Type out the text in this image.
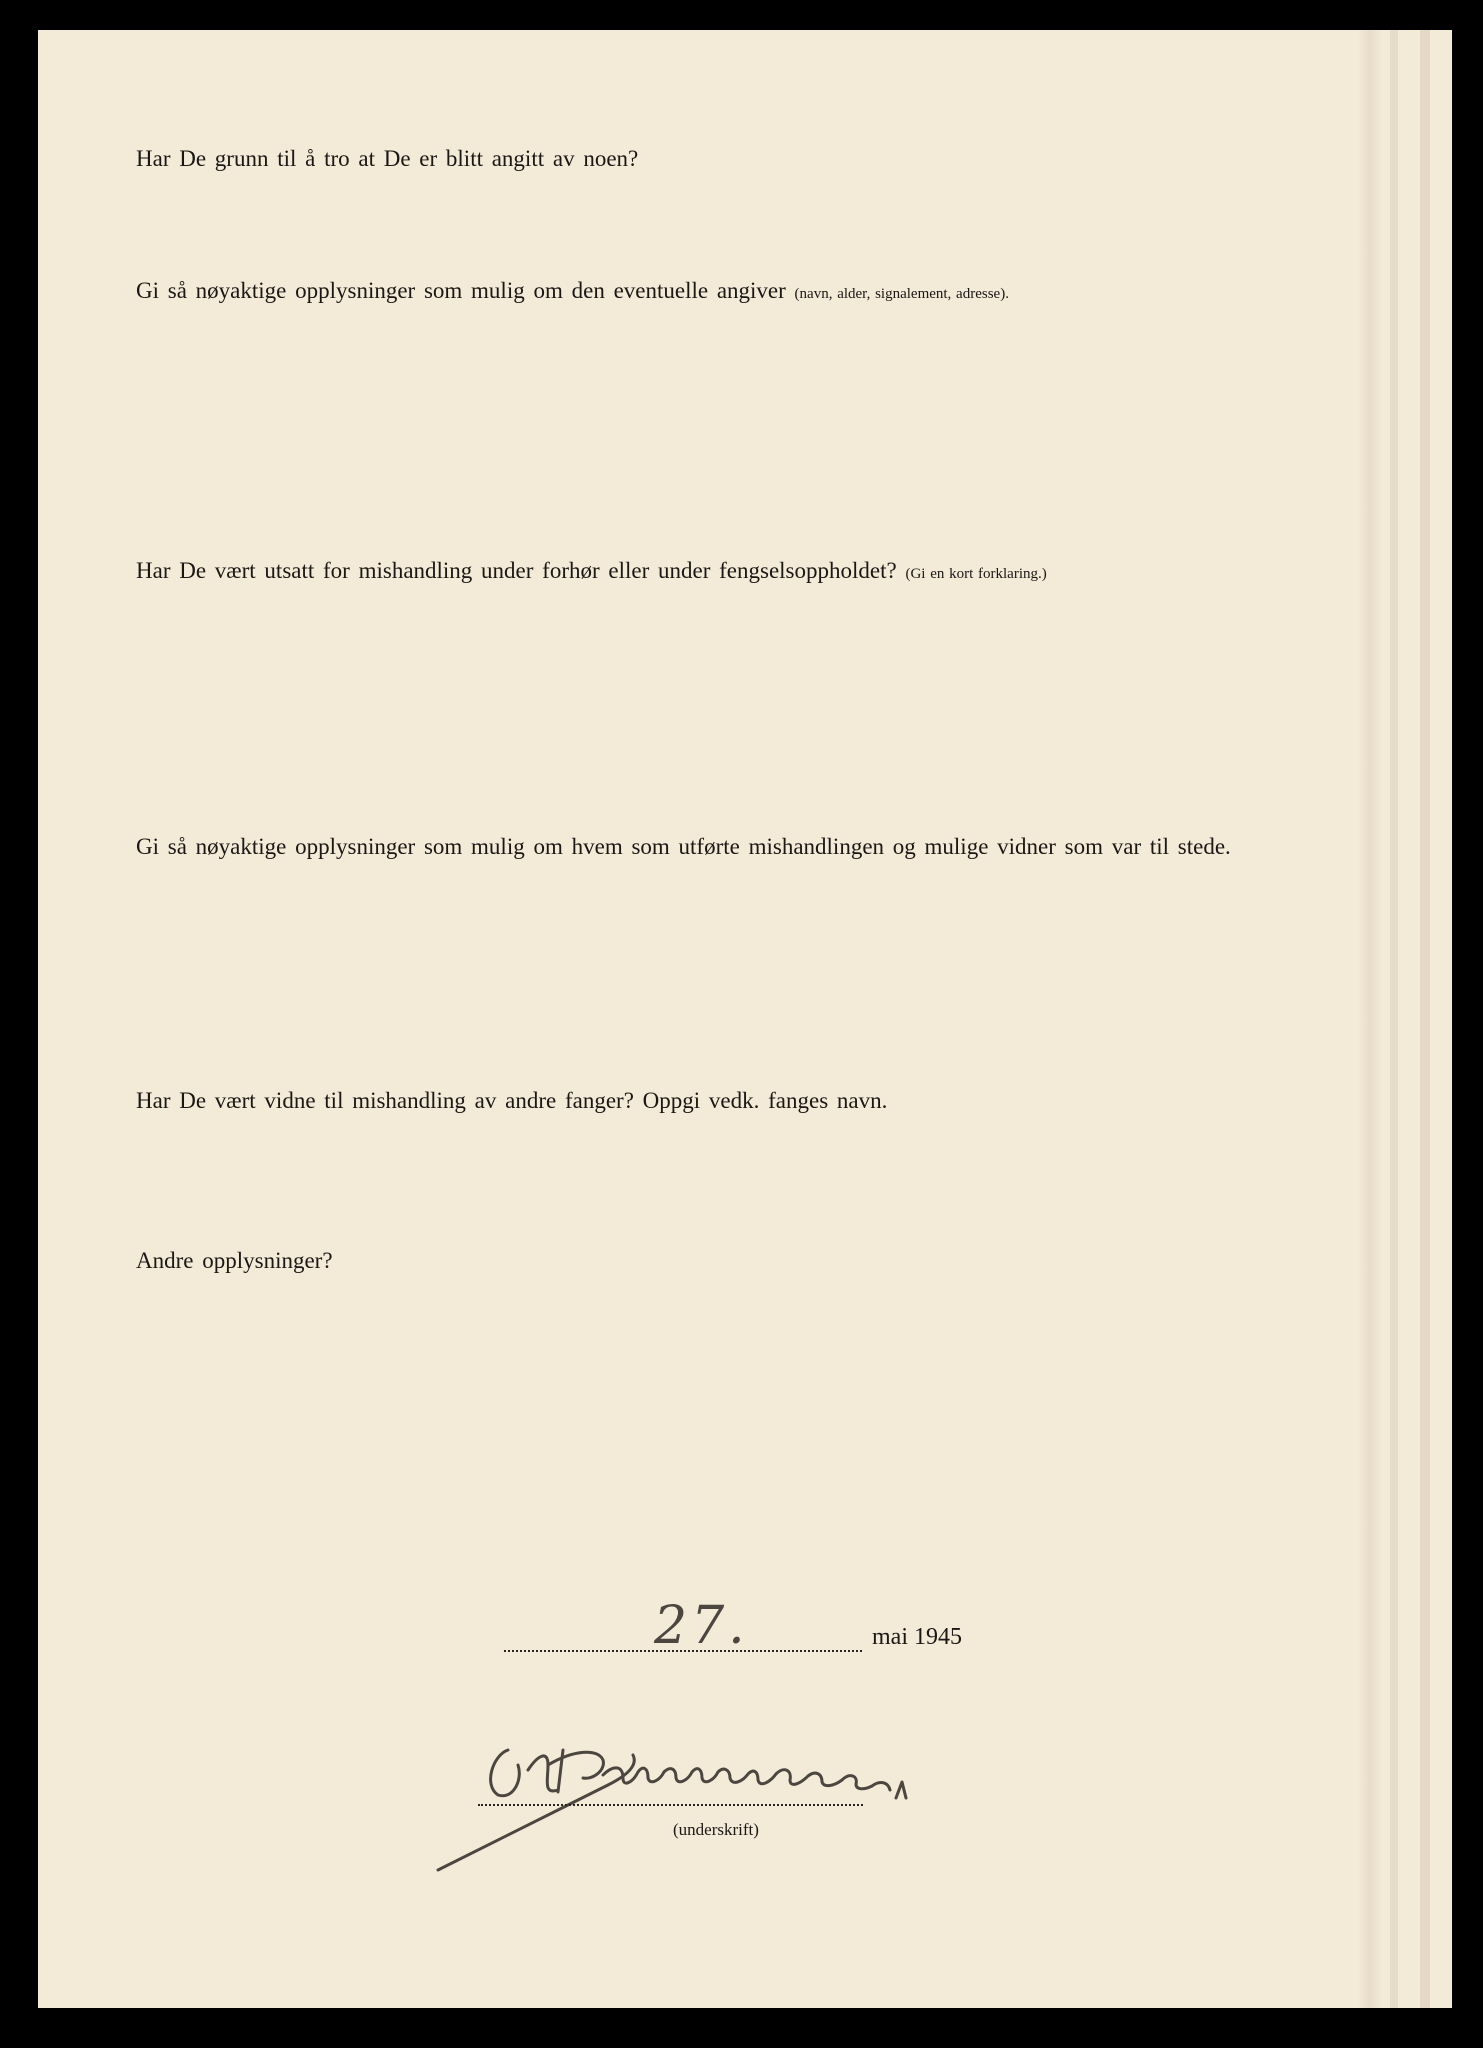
Har De grunn til å tro at De er blitt angitt av noen?

Gi så nøyaktige opplysninger som mulig om den eventuelle angiver (navn, alder, signalement, adresse).

Har De vært utsatt for mishandling under forhør eller under fengselsoppholdet? (Gi en kort forklaring.)

Gi så nøyaktige opplysninger som mulig om hvem som utførte mishandlingen og mulige vidner som var til stede.

Har De vært vidne til mishandling av andre fanger? Oppgi vedk. fanges navn.

Andre opplysninger?

27.	mai 1945
(underskrift)
